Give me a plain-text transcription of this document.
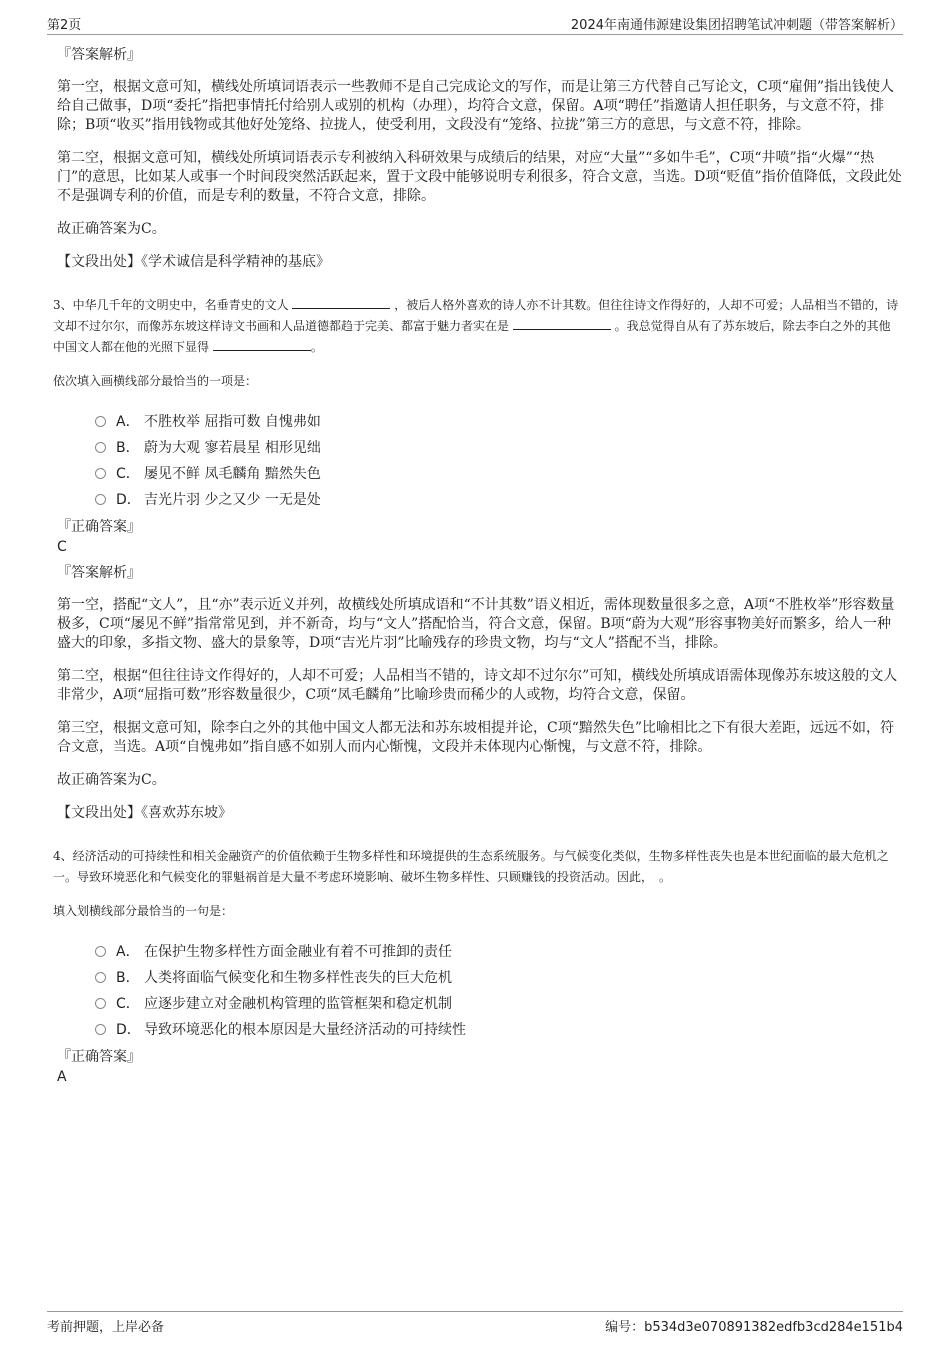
第2页	2024年南通伟源建设集团招聘笔试冲刺题（带答案解析）
『答案解析』

第一空，根据文意可知，横线处所填词语表示一些教师不是自己完成论文的写作，而是让第三方代替自己写论文，C项“雇佣”指出钱使人给自己做事，D项“委托”指把事情托付给别人或别的机构（办理），均符合文意，保留。A项“聘任”指邀请人担任职务，与文意不符，排除；B项“收买”指用钱物或其他好处笼络、拉拢人，使受利用，文段没有“笼络、拉拢”第三方的意思，与文意不符，排除。

第二空，根据文意可知，横线处所填词语表示专利被纳入科研效果与成绩后的结果，对应“大量”“多如牛毛”，C项“井喷”指“火爆”“热门”的意思，比如某人或事一个时间段突然活跃起来，置于文段中能够说明专利很多，符合文意，当选。D项“贬值”指价值降低，文段此处不是强调专利的价值，而是专利的数量，不符合文意，排除。

故正确答案为C。

【文段出处】《学术诚信是科学精神的基底》

3、中华几千年的文明史中，名垂青史的文人	，被后人格外喜欢的诗人亦不计其数。但往往诗文作得好的，人却不可爱；人品相当不错的，诗文却不过尔尔，而像苏东坡这样诗文书画和人品道德都趋于完美、都富于魅力者实在是	。我总觉得自从有了苏东坡后，除去李白之外的其他中国文人都在他的光照下显得	。

依次填入画横线部分最恰当的一项是：

A． 不胜枚举 屈指可数 自愧弗如
B． 蔚为大观 寥若晨星 相形见绌
C． 屡见不鲜 凤毛麟角 黯然失色
D． 吉光片羽 少之又少 一无是处
『正确答案』
C
『答案解析』

第一空，搭配“文人”，且“亦”表示近义并列，故横线处所填成语和“不计其数”语义相近，需体现数量很多之意，A项“不胜枚举”形容数量极多，C项“屡见不鲜”指常常见到，并不新奇，均与“文人”搭配恰当，符合文意，保留。B项“蔚为大观”形容事物美好而繁多，给人一种盛大的印象，多指文物、盛大的景象等，D项“吉光片羽”比喻残存的珍贵文物，均与“文人”搭配不当，排除。

第二空，根据“但往往诗文作得好的，人却不可爱；人品相当不错的，诗文却不过尔尔”可知，横线处所填成语需体现像苏东坡这般的文人非常少，A项“屈指可数”形容数量很少，C项“凤毛麟角”比喻珍贵而稀少的人或物，均符合文意，保留。

第三空，根据文意可知，除李白之外的其他中国文人都无法和苏东坡相提并论，C项“黯然失色”比喻相比之下有很大差距，远远不如，符合文意，当选。A项“自愧弗如”指自感不如别人而内心惭愧，文段并未体现内心惭愧，与文意不符，排除。

故正确答案为C。

【文段出处】《喜欢苏东坡》

4、经济活动的可持续性和相关金融资产的价值依赖于生物多样性和环境提供的生态系统服务。与气候变化类似，生物多样性丧失也是本世纪面临的最大危机之一。导致环境恶化和气候变化的罪魁祸首是大量不考虑环境影响、破坏生物多样性、只顾赚钱的投资活动。因此，　。

填入划横线部分最恰当的一句是：

A． 在保护生物多样性方面金融业有着不可推卸的责任
B． 人类将面临气候变化和生物多样性丧失的巨大危机
C． 应逐步建立对金融机构管理的监管框架和稳定机制
D． 导致环境恶化的根本原因是大量经济活动的可持续性
『正确答案』
A
考前押题，上岸必备	编号：b534d3e070891382edfb3cd284e151b4
